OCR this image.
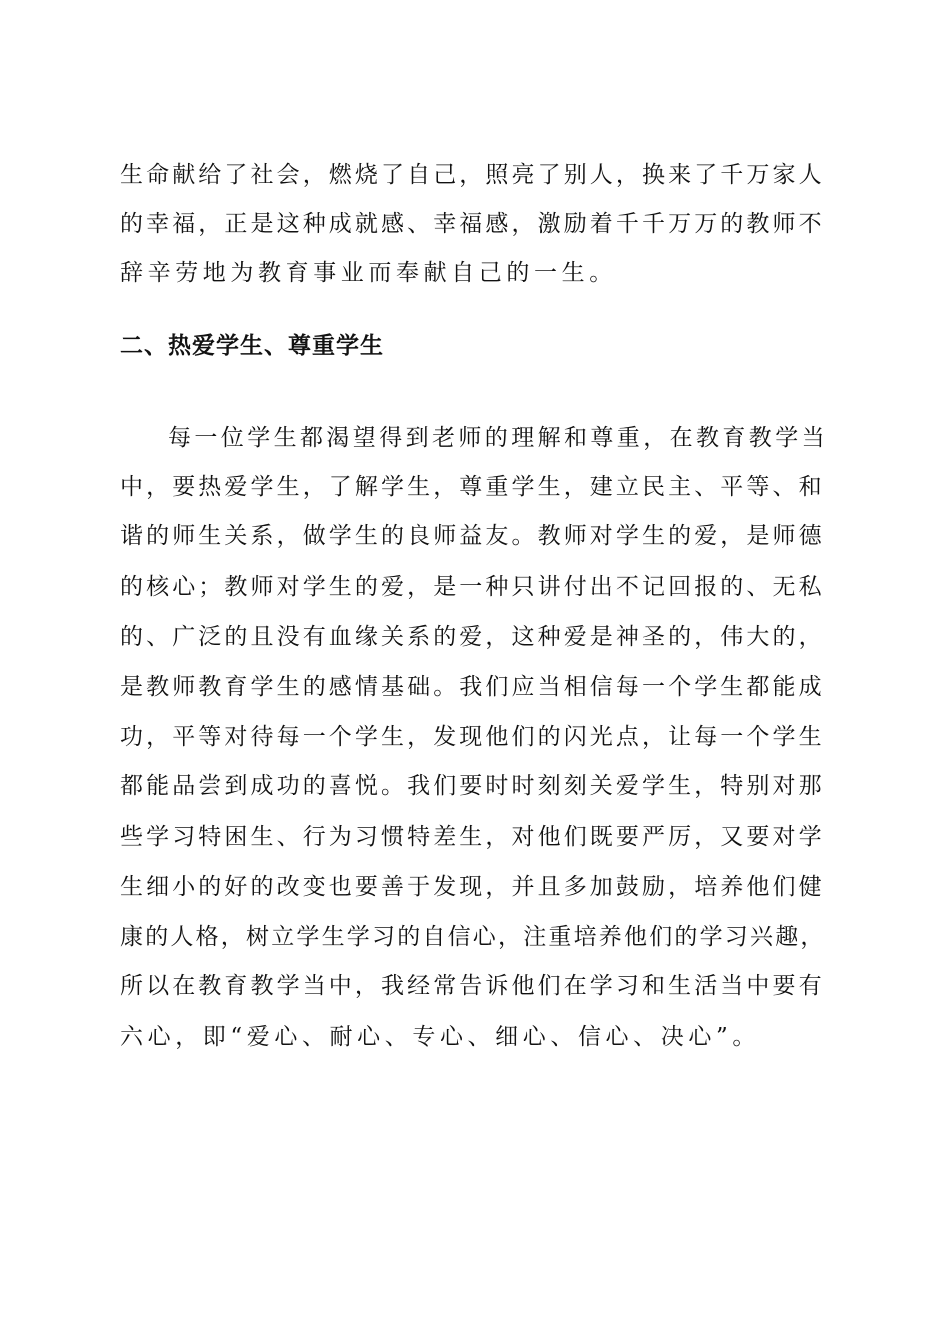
生命献给了社会，燃烧了自己，照亮了别人，换来了千万家人
的幸福，正是这种成就感、幸福感，激励着千千万万的教师不
辞辛劳地为教育事业而奉献自己的一生。
二、热爱学生、尊重学生
每一位学生都渴望得到老师的理解和尊重，在教育教学当
中，要热爱学生，了解学生，尊重学生，建立民主、平等、和
谐的师生关系，做学生的良师益友。教师对学生的爱，是师德
的核心；教师对学生的爱，是一种只讲付出不记回报的、无私
的、广泛的且没有血缘关系的爱，这种爱是神圣的，伟大的，
是教师教育学生的感情基础。我们应当相信每一个学生都能成
功，平等对待每一个学生，发现他们的闪光点，让每一个学生
都能品尝到成功的喜悦。我们要时时刻刻关爱学生，特别对那
些学习特困生、行为习惯特差生，对他们既要严厉，又要对学
生细小的好的改变也要善于发现，并且多加鼓励，培养他们健
康的人格，树立学生学习的自信心，注重培养他们的学习兴趣，
所以在教育教学当中，我经常告诉他们在学习和生活当中要有
六心，即“爱心、耐心、专心、细心、信心、决心”。
